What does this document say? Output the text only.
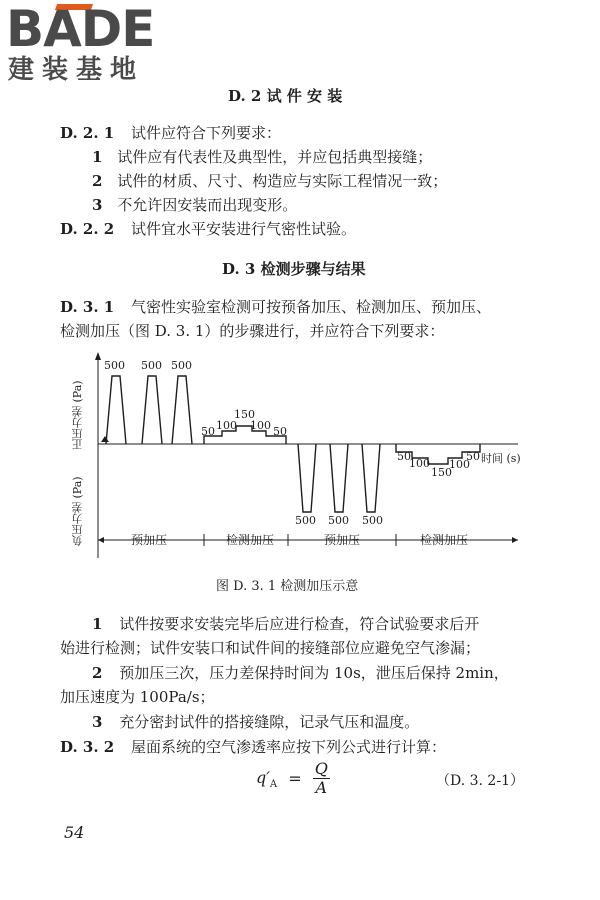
BADE
建装基地
D. 2 试 件 安 装
D. 2. 1 试件应符合下列要求：
1 试件应有代表性及典型性，并应包括典型接缝；
2 试件的材质、尺寸、构造应与实际工程情况一致；
3 不允许因安装而出现变形。
D. 2. 2 试件宜水平安装进行气密性试验。
D. 3 检测步骤与结果
D. 3. 1 气密性实验室检测可按预备加压、检测加压、预加压、
检测加压（图 D. 3. 1）的步骤进行，并应符合下列要求：
正压力差 (Pa)
负压力差 (Pa)
500 500 500
50 100
150
100 50
500 500 500
50
100
150
100
50 时间 (s)
预加压	检测加压	预加压	检测加压
图 D. 3. 1 检测加压示意
1 试件按要求安装完毕后应进行检查，符合试验要求后开
始进行检测；试件安装口和试件间的接缝部位应避免空气渗漏；
2 预加压三次，压力差保持时间为 10s，泄压后保持 2min，
加压速度为 100Pa/s；
3 充分密封试件的搭接缝隙，记录气压和温度。
D. 3. 2 屋面系统的空气渗透率应按下列公式进行计算：
$q'_A = \frac{Q}{A}$	（D. 3. 2-1）
54
